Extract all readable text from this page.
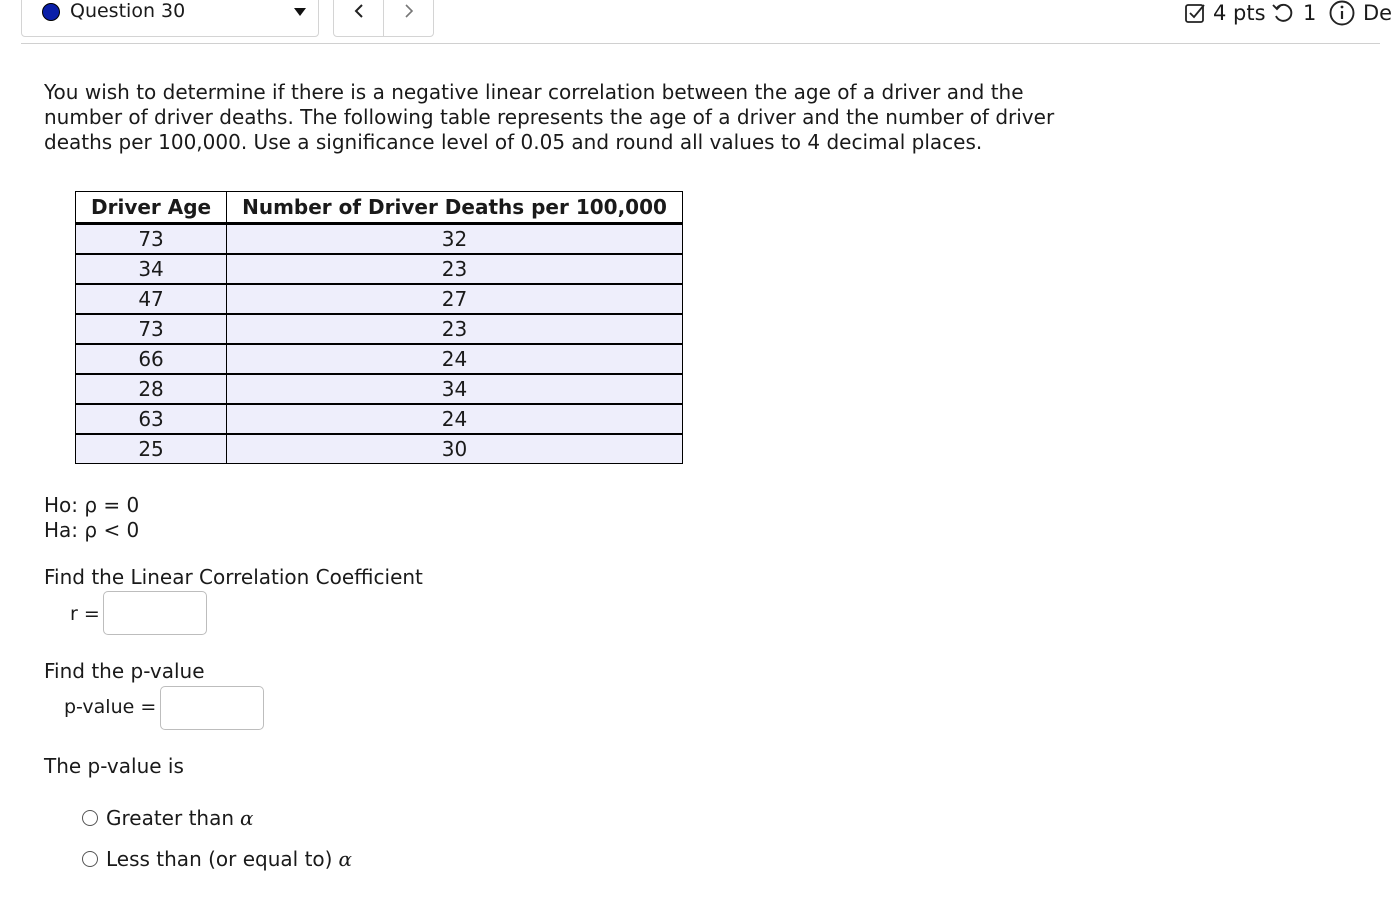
Question 30	4 pts 1 De

You wish to determine if there is a negative linear correlation between the age of a driver and the number of driver deaths. The following table represents the age of a driver and the number of driver deaths per 100,000. Use a significance level of 0.05 and round all values to 4 decimal places.

Driver Age	Number of Driver Deaths per 100,000
73	32
34	23
47	27
73	23
66	24
28	34
63	24
25	30
Ho: ρ = 0
Ha: ρ < 0
Find the Linear Correlation Coefficient
r =
Find the p-value
p-value =
The p-value is
Greater than α
Less than (or equal to) α
